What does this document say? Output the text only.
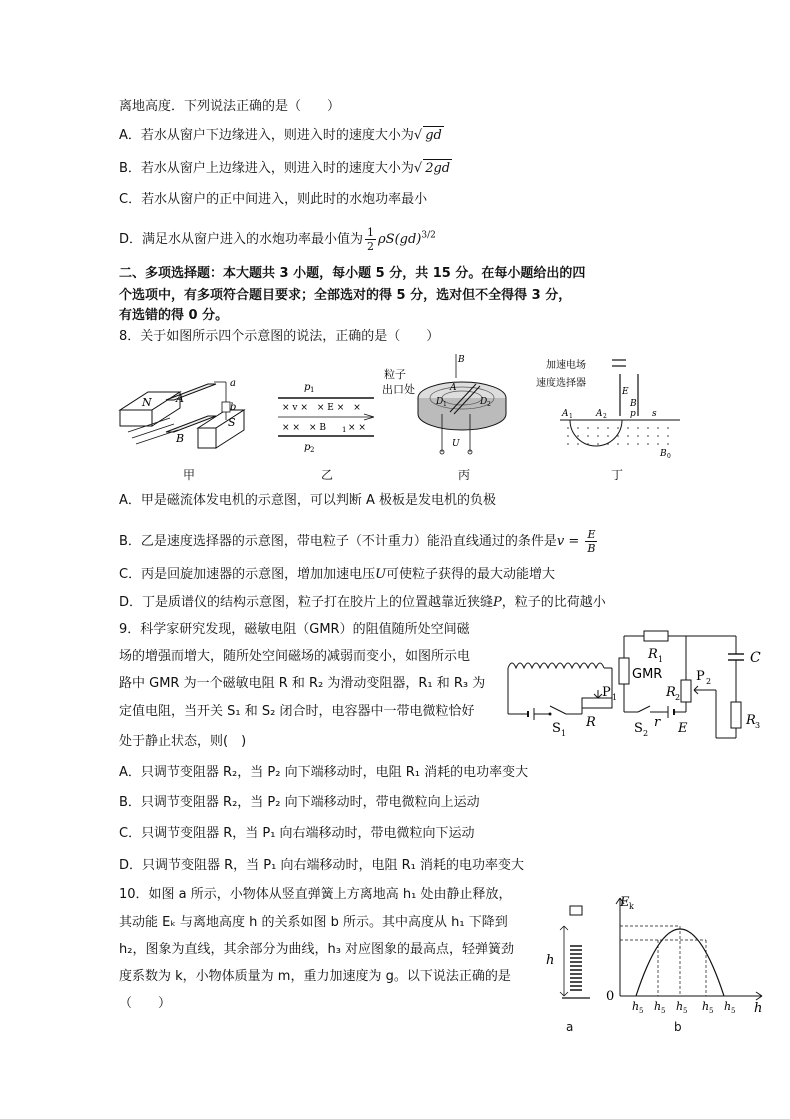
离地高度．下列说法正确的是（　　）
A．若水从窗户下边缘进入，则进入时的速度大小为√ gd
B．若水从窗户上边缘进入，则进入时的速度大小为√ 2gd
C．若水从窗户的正中间进入，则此时的水炮功率最小
D．满足水从窗户进入的水炮功率最小值为 $\frac{1}{2} \rho S(gd)^{3/2}$
二、多项选择题：本大题共 3 小题，每小题 5 分，共 15 分。在每小题给出的四
个选项中，有多项符合题目要求；全部选对的得 5 分，选对但不全得得 3 分，
有选错的得 0 分。
8．关于如图所示四个示意图的说法，正确的是（　　）
N A
a
b
B
S
甲
p 1
p 2
× v ×　× E ×　×
× ×　× B 1 × ×
乙
B
粒子
出口处	A
D 1	D 2
U
丙
加速电场
速度选择器
E
B
A 1	A 2	p s
B 0
丁
A．甲是磁流体发电机的示意图，可以判断 A 极板是发电机的负极
B．乙是速度选择器的示意图，带电粒子（不计重力）能沿直线通过的条件是$v = \frac{E}{B}$
C．丙是回旋加速器的示意图，增加加速电压U可使粒子获得的最大动能增大
D．丁是质谱仪的结构示意图，粒子打在胶片上的位置越靠近狭缝P，粒子的比荷越小
9．科学家研究发现，磁敏电阻（GMR）的阻值随所处空间磁
场的增强而增大，随所处空间磁场的减弱而变小，如图所示电
路中 GMR 为一个磁敏电阻 R 和 R₂ 为滑动变阻器，R₁ 和 R₃ 为
定值电阻，当开关 S₁ 和 S₂ 闭合时，电容器中一带电微粒恰好
处于静止状态，则(　)
P 1
R
S 1
R 1
GMR	P 2
C
R 2
S 2
r E
R 3
A．只调节变阻器 R₂，当 P₂ 向下端移动时，电阻 R₁ 消耗的电功率变大
B．只调节变阻器 R₂，当 P₂ 向下端移动时，带电微粒向上运动
C．只调节变阻器 R，当 P₁ 向右端移动时，带电微粒向下运动
D．只调节变阻器 R，当 P₁ 向右端移动时，电阻 R₁ 消耗的电功率变大
10．如图 a 所示，小物体从竖直弹簧上方离地高 h₁ 处由静止释放，
其动能 Eₖ 与离地高度 h 的关系如图 b 所示。其中高度从 h₁ 下降到
h₂，图象为直线，其余部分为曲线，h₃ 对应图象的最高点，轻弹簧劲
度系数为 k，小物体质量为 m，重力加速度为 g。以下说法正确的是
（　　）
h
a
E k
0
h
h h h h h
5	5	5	5	5
b
